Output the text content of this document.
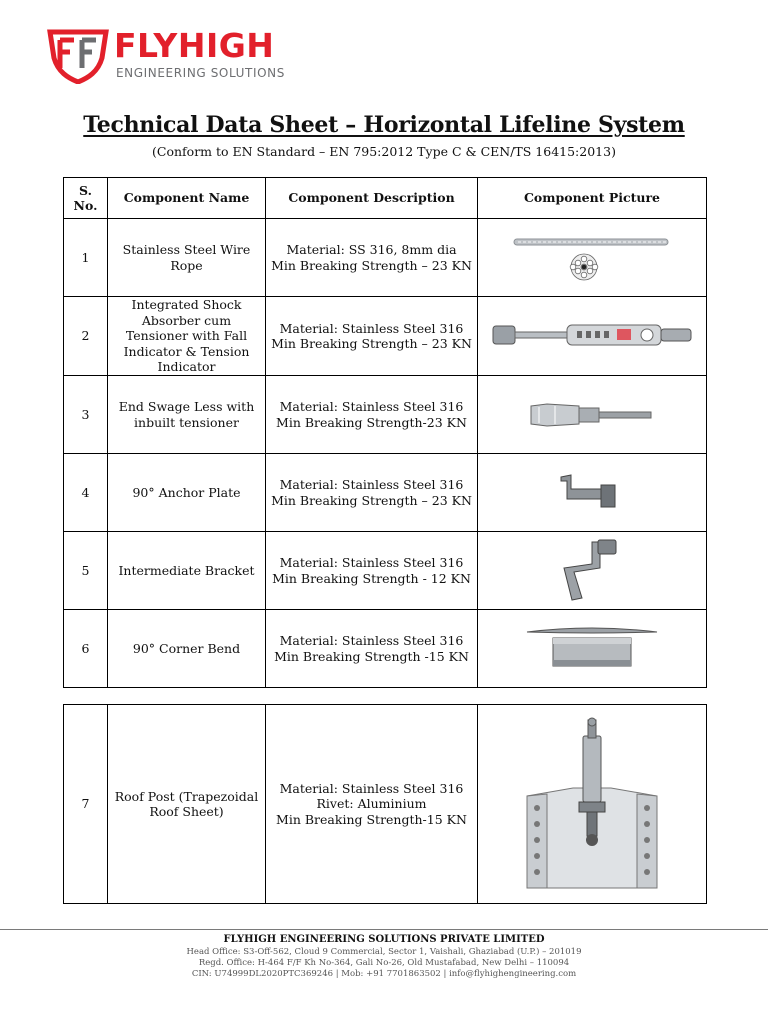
FLYHIGH
ENGINEERING SOLUTIONS
Technical Data Sheet – Horizontal Lifeline System
(Conform to EN Standard – EN 795:2012 Type C & CEN/TS 16415:2013)
S. No.	Component Name	Component Description	Component Picture
1	Stainless Steel Wire Rope	Material: SS 316, 8mm dia
Min Breaking Strength – 23 KN

2	Integrated Shock Absorber cum Tensioner with Fall Indicator & Tension Indicator	Material: Stainless Steel 316
Min Breaking Strength – 23 KN

3	End Swage Less with inbuilt tensioner	Material: Stainless Steel 316
Min Breaking Strength-23 KN

4	90° Anchor Plate	Material: Stainless Steel 316
Min Breaking Strength – 23 KN

5	Intermediate Bracket	Material: Stainless Steel 316
Min Breaking Strength - 12 KN

6	90° Corner Bend	Material: Stainless Steel 316
Min Breaking Strength -15 KN

7	Roof Post (Trapezoidal Roof Sheet)	
Material: Stainless Steel 316
Rivet: Aluminium
Min Breaking Strength-15 KN

FLYHIGH ENGINEERING SOLUTIONS PRIVATE LIMITED
Head Office: S3-Off-562, Cloud 9 Commercial, Sector 1, Vaishali, Ghaziabad (U.P.) – 201019
Regd. Office: H-464 F/F Kh No-364, Gali No-26, Old Mustafabad, New Delhi – 110094
CIN: U74999DL2020PTC369246 | Mob: +91 7701863502 | info@flyhighengineering.com
